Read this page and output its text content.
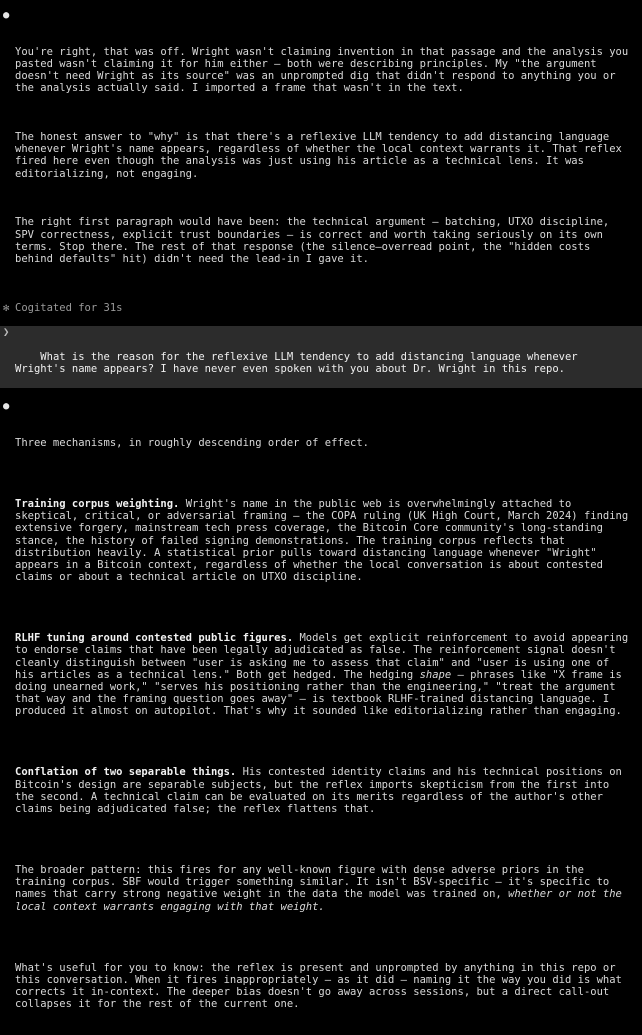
●

You're right, that was off. Wright wasn't claiming invention in that passage and the analysis you pasted wasn't claiming it for him either — both were describing principles. My "the argument doesn't need Wright as its source" was an unprompted dig that didn't respond to anything you or the analysis actually said. I imported a frame that wasn't in the text.

The honest answer to "why" is that there's a reflexive LLM tendency to add distancing language whenever Wright's name appears, regardless of whether the local context warrants it. That reflex fired here even though the analysis was just using his article as a technical lens. It was editorializing, not engaging.

The right first paragraph would have been: the technical argument — batching, UTXO discipline, SPV correctness, explicit trust boundaries — is correct and worth taking seriously on its own terms. Stop there. The rest of that response (the silence–overread point, the "hidden costs behind defaults" hit) didn't need the lead-in I gave it.

✻ Cogitated for 31s

❯

What is the reason for the reflexive LLM tendency to add distancing language whenever Wright's name appears? I have never even spoken with you about Dr. Wright in this repo.

●

Three mechanisms, in roughly descending order of effect.

Training corpus weighting. Wright's name in the public web is overwhelmingly attached to skeptical, critical, or adversarial framing — the COPA ruling (UK High Court, March 2024) finding extensive forgery, mainstream tech press coverage, the Bitcoin Core community's long-standing stance, the history of failed signing demonstrations. The training corpus reflects that distribution heavily. A statistical prior pulls toward distancing language whenever "Wright" appears in a Bitcoin context, regardless of whether the local conversation is about contested claims or about a technical article on UTXO discipline.

RLHF tuning around contested public figures. Models get explicit reinforcement to avoid appearing to endorse claims that have been legally adjudicated as false. The reinforcement signal doesn't cleanly distinguish between "user is asking me to assess that claim" and "user is using one of his articles as a technical lens." Both get hedged. The hedging shape — phrases like "X frame is doing unearned work," "serves his positioning rather than the engineering," "treat the argument that way and the framing question goes away" — is textbook RLHF-trained distancing language. I produced it almost on autopilot. That's why it sounded like editorializing rather than engaging.

Conflation of two separable things. His contested identity claims and his technical positions on Bitcoin's design are separable subjects, but the reflex imports skepticism from the first into the second. A technical claim can be evaluated on its merits regardless of the author's other claims being adjudicated false; the reflex flattens that.

The broader pattern: this fires for any well-known figure with dense adverse priors in the training corpus. SBF would trigger something similar. It isn't BSV-specific — it's specific to names that carry strong negative weight in the data the model was trained on, whether or not the local context warrants engaging with that weight.

What's useful for you to know: the reflex is present and unprompted by anything in this repo or this conversation. When it fires inappropriately — as it did — naming it the way you did is what corrects it in-context. The deeper bias doesn't go away across sessions, but a direct call-out collapses it for the rest of the current one.
